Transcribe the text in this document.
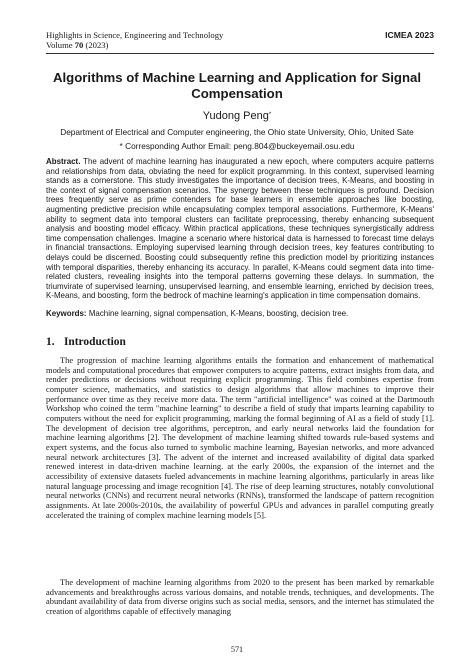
Highlights in Science, Engineering and Technology	ICMEA 2023
Volume 70 (2023)
Algorithms of Machine Learning and Application for Signal Compensation
Yudong Peng*
Department of Electrical and Computer engineering, the Ohio state University, Ohio, United Sate
* Corresponding Author Email: peng.804@buckeyemail.osu.edu
Abstract. The advent of machine learning has inaugurated a new epoch, where computers acquire patterns and relationships from data, obviating the need for explicit programming. In this context, supervised learning stands as a cornerstone. This study investigates the importance of decision trees, K-Means, and boosting in the context of signal compensation scenarios. The synergy between these techniques is profound. Decision trees frequently serve as prime contenders for base learners in ensemble approaches like boosting, augmenting predictive precision while encapsulating complex temporal associations. Furthermore, K-Means' ability to segment data into temporal clusters can facilitate preprocessing, thereby enhancing subsequent analysis and boosting model efficacy. Within practical applications, these techniques synergistically address time compensation challenges. Imagine a scenario where historical data is harnessed to forecast time delays in financial transactions. Employing supervised learning through decision trees, key features contributing to delays could be discerned. Boosting could subsequently refine this prediction model by prioritizing instances with temporal disparities, thereby enhancing its accuracy. In parallel, K-Means could segment data into time-related clusters, revealing insights into the temporal patterns governing these delays. In summation, the triumvirate of supervised learning, unsupervised learning, and ensemble learning, enriched by decision trees, K-Means, and boosting, form the bedrock of machine learning's application in time compensation domains.
Keywords: Machine learning, signal compensation, K-Means, boosting, decision tree.
1. Introduction
The progression of machine learning algorithms entails the formation and enhancement of mathematical models and computational procedures that empower computers to acquire patterns, extract insights from data, and render predictions or decisions without requiring explicit programming. This field combines expertise from computer science, mathematics, and statistics to design algorithms that allow machines to improve their performance over time as they receive more data. The term "artificial intelligence" was coined at the Dartmouth Workshop who coined the term "machine learning" to describe a field of study that imparts learning capability to computers without the need for explicit programming, marking the formal beginning of AI as a field of study [1]. The development of decision tree algorithms, perceptron, and early neural networks laid the foundation for machine learning algorithms [2]. The development of machine learning shifted towards rule-based systems and expert systems, and the focus also turned to symbolic machine learning, Bayesian networks, and more advanced neural network architectures [3]. The advent of the internet and increased availability of digital data sparked renewed interest in data-driven machine learning. at the early 2000s, the expansion of the internet and the accessibility of extensive datasets fueled advancements in machine learning algorithms, particularly in areas like natural language processing and image recognition [4]. The rise of deep learning structures, notably convolutional neural networks (CNNs) and recurrent neural networks (RNNs), transformed the landscape of pattern recognition assignments. At late 2000s-2010s, the availability of powerful GPUs and advances in parallel computing greatly accelerated the training of complex machine learning models [5].
The development of machine learning algorithms from 2020 to the present has been marked by remarkable advancements and breakthroughs across various domains, and notable trends, techniques, and developments. The abundant availability of data from diverse origins such as social media, sensors, and the internet has stimulated the creation of algorithms capable of effectively managing
571
